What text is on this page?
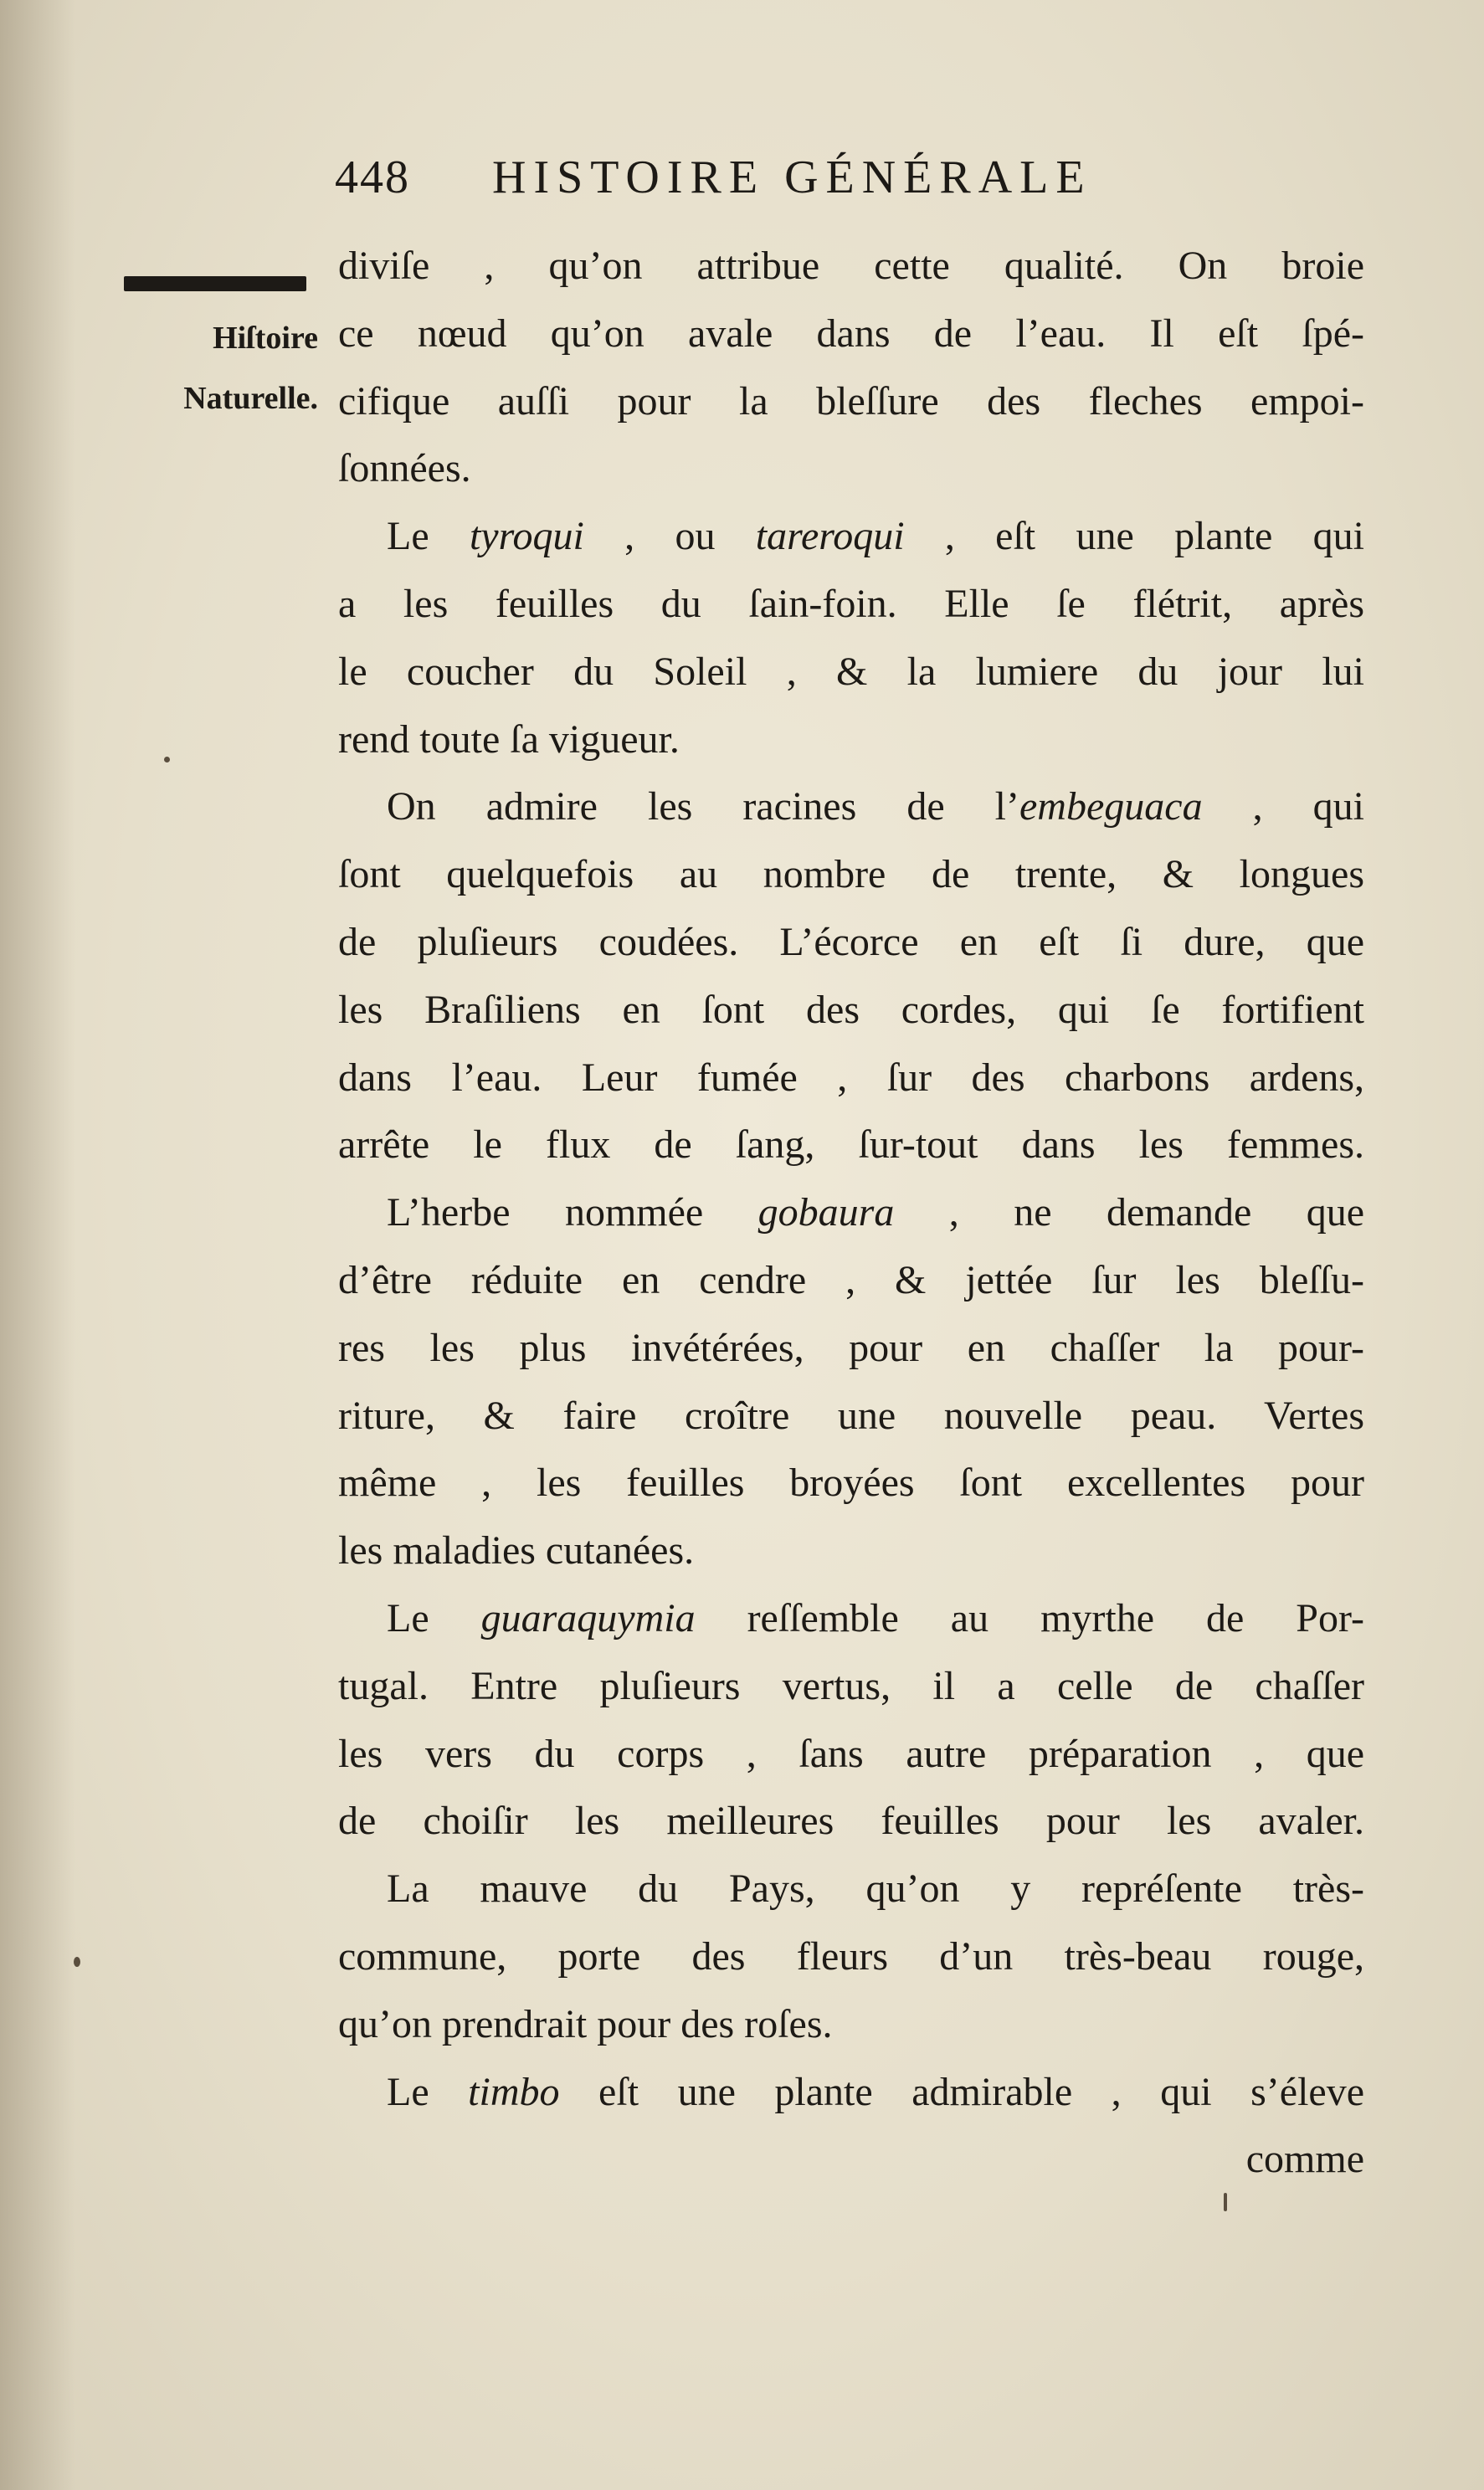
448 HISTOIRE GÉNÉRALE
Hiſtoire
Naturelle.
diviſe , qu’on attribue cette qualité. On broie
ce nœud qu’on avale dans de l’eau. Il eſt ſpé-
cifique auſſi pour la bleſſure des fleches empoi-
ſonnées.
Le tyroqui , ou tareroqui , eſt une plante qui
a les feuilles du ſain-foin. Elle ſe flétrit, après
le coucher du Soleil , & la lumiere du jour lui
rend toute ſa vigueur.
On admire les racines de l’embeguaca , qui
ſont quelquefois au nombre de trente, & longues
de pluſieurs coudées. L’écorce en eſt ſi dure, que
les Braſiliens en ſont des cordes, qui ſe fortifient
dans l’eau. Leur fumée , ſur des charbons ardens,
arrête le flux de ſang, ſur-tout dans les femmes.
L’herbe nommée gobaura , ne demande que
d’être réduite en cendre , & jettée ſur les bleſſu-
res les plus invétérées, pour en chaſſer la pour-
riture, & faire croître une nouvelle peau. Vertes
même , les feuilles broyées ſont excellentes pour
les maladies cutanées.
Le guaraquymia reſſemble au myrthe de Por-
tugal. Entre pluſieurs vertus, il a celle de chaſſer
les vers du corps , ſans autre préparation , que
de choiſir les meilleures feuilles pour les avaler.
La mauve du Pays, qu’on y repréſente très-
commune, porte des fleurs d’un très-beau rouge,
qu’on prendrait pour des roſes.
Le timbo eſt une plante admirable , qui s’éleve
comme
